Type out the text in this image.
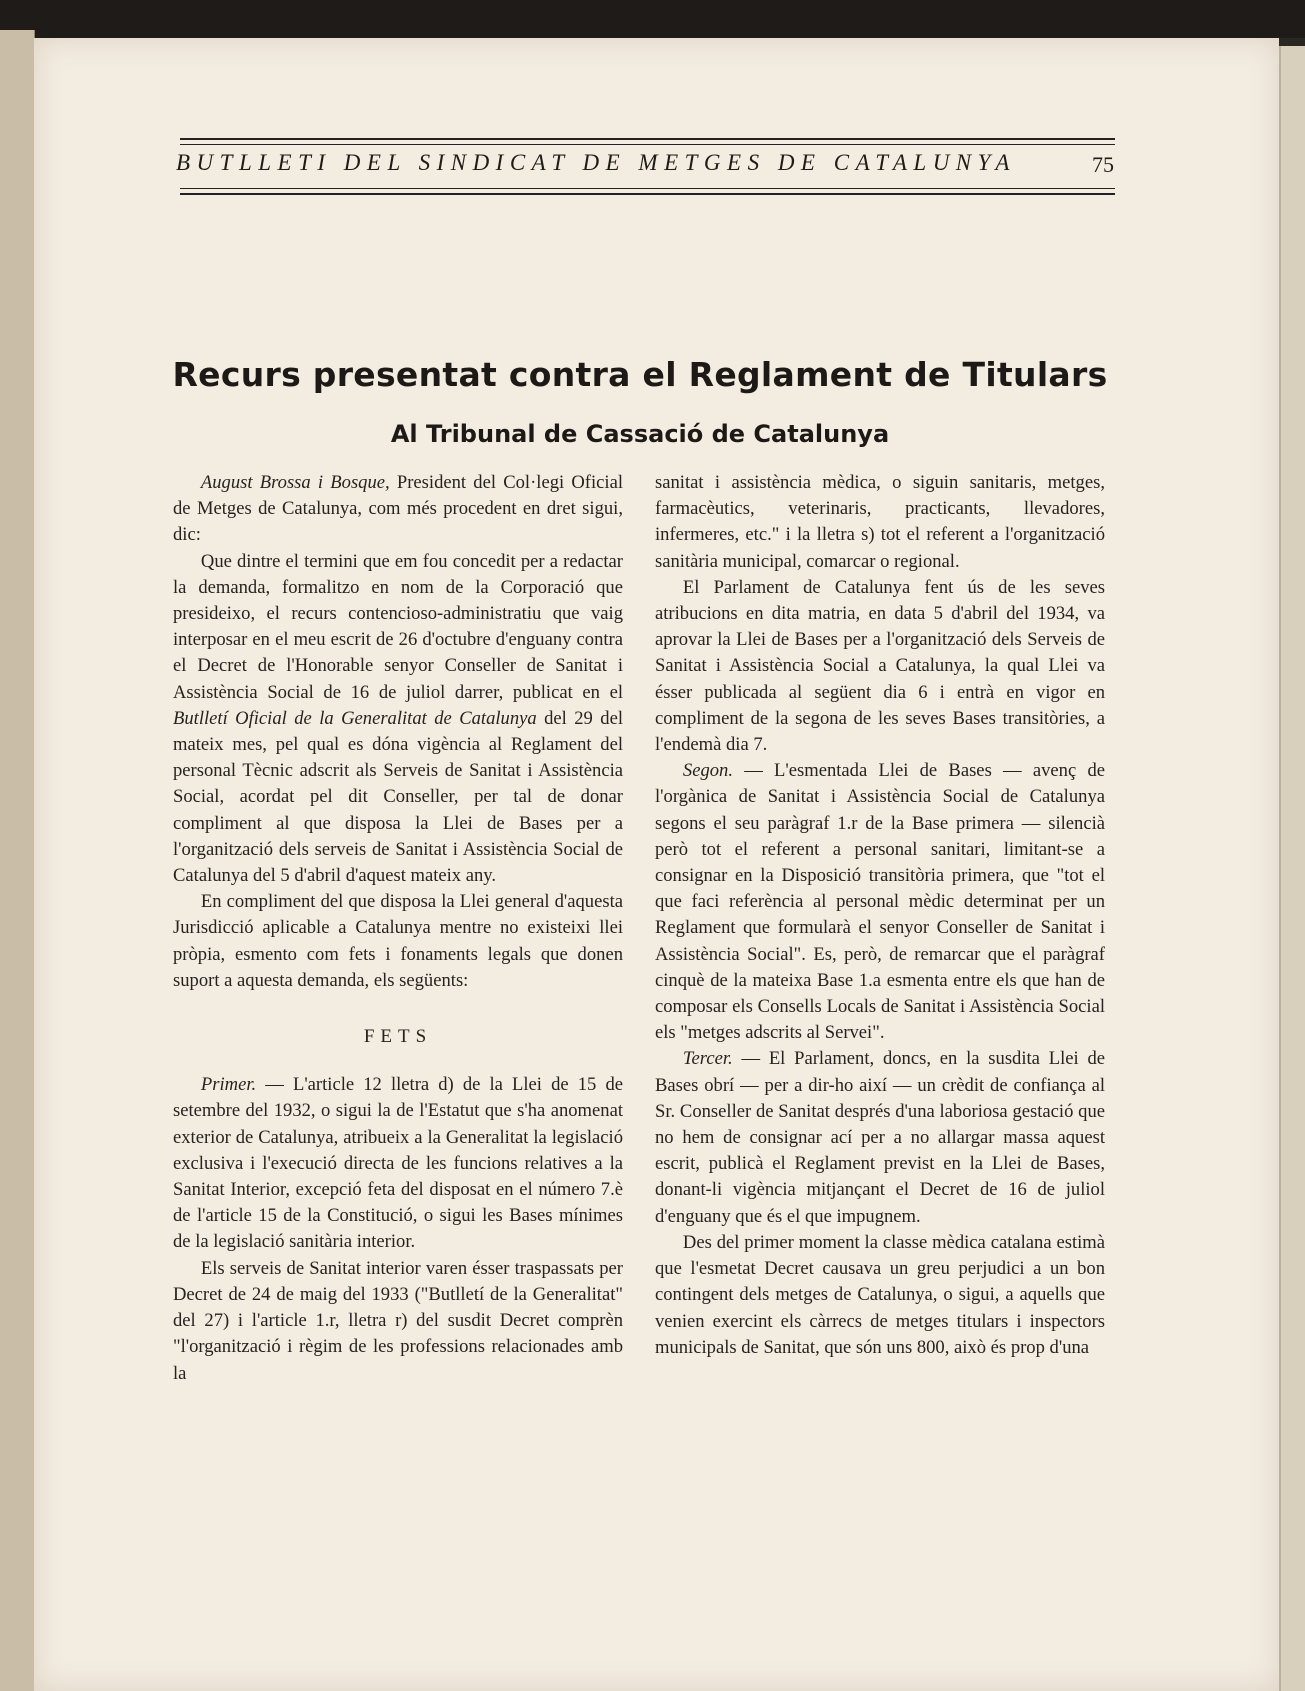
BUTLLETI DEL SINDICAT DE METGES DE CATALUNYA	75
Recurs presentat contra el Reglament de Titulars
Al Tribunal de Cassació de Catalunya

August Brossa i Bosque, President del Col·legi Oficial de Metges de Catalunya, com més procedent en dret sigui, dic:

Que dintre el termini que em fou concedit per a redactar la demanda, formalitzo en nom de la Corporació que presideixo, el recurs contencioso-administratiu que vaig interposar en el meu escrit de 26 d'octubre d'enguany contra el Decret de l'Honorable senyor Conseller de Sanitat i Assistència Social de 16 de juliol darrer, publicat en el Butlletí Oficial de la Generalitat de Catalunya del 29 del mateix mes, pel qual es dóna vigència al Reglament del personal Tècnic adscrit als Serveis de Sanitat i Assistència Social, acordat pel dit Conseller, per tal de donar compliment al que disposa la Llei de Bases per a l'organització dels serveis de Sanitat i Assistència Social de Catalunya del 5 d'abril d'aquest mateix any.

En compliment del que disposa la Llei general d'aquesta Jurisdicció aplicable a Catalunya mentre no existeixi llei pròpia, esmento com fets i fonaments legals que donen suport a aquesta demanda, els següents:

FETS

Primer. — L'article 12 lletra d) de la Llei de 15 de setembre del 1932, o sigui la de l'Estatut que s'ha anomenat exterior de Catalunya, atribueix a la Generalitat la legislació exclusiva i l'execució directa de les funcions relatives a la Sanitat Interior, excepció feta del disposat en el número 7.è de l'article 15 de la Constitució, o sigui les Bases mínimes de la legislació sanitària interior.

Els serveis de Sanitat interior varen ésser traspassats per Decret de 24 de maig del 1933 ("Butlletí de la Generalitat" del 27) i l'article 1.r, lletra r) del susdit Decret comprèn "l'organització i règim de les professions relacionades amb la

sanitat i assistència mèdica, o siguin sanitaris, metges, farmacèutics, veterinaris, practicants, llevadores, infermeres, etc." i la lletra s) tot el referent a l'organització sanitària municipal, comarcar o regional.

El Parlament de Catalunya fent ús de les seves atribucions en dita matria, en data 5 d'abril del 1934, va aprovar la Llei de Bases per a l'organització dels Serveis de Sanitat i Assistència Social a Catalunya, la qual Llei va ésser publicada al següent dia 6 i entrà en vigor en compliment de la segona de les seves Bases transitòries, a l'endemà dia 7.

Segon. — L'esmentada Llei de Bases — avenç de l'orgànica de Sanitat i Assistència Social de Catalunya segons el seu paràgraf 1.r de la Base primera — silencià però tot el referent a personal sanitari, limitant-se a consignar en la Disposició transitòria primera, que "tot el que faci referència al personal mèdic determinat per un Reglament que formularà el senyor Conseller de Sanitat i Assistència Social". Es, però, de remarcar que el paràgraf cinquè de la mateixa Base 1.a esmenta entre els que han de composar els Consells Locals de Sanitat i Assistència Social els "metges adscrits al Servei".

Tercer. — El Parlament, doncs, en la susdita Llei de Bases obrí — per a dir-ho així — un crèdit de confiança al Sr. Conseller de Sanitat després d'una laboriosa gestació que no hem de consignar ací per a no allargar massa aquest escrit, publicà el Reglament previst en la Llei de Bases, donant-li vigència mitjançant el Decret de 16 de juliol d'enguany que és el que impugnem.

Des del primer moment la classe mèdica catalana estimà que l'esmetat Decret causava un greu perjudici a un bon contingent dels metges de Catalunya, o sigui, a aquells que venien exercint els càrrecs de metges titulars i inspectors municipals de Sanitat, que són uns 800, això és prop d'una
